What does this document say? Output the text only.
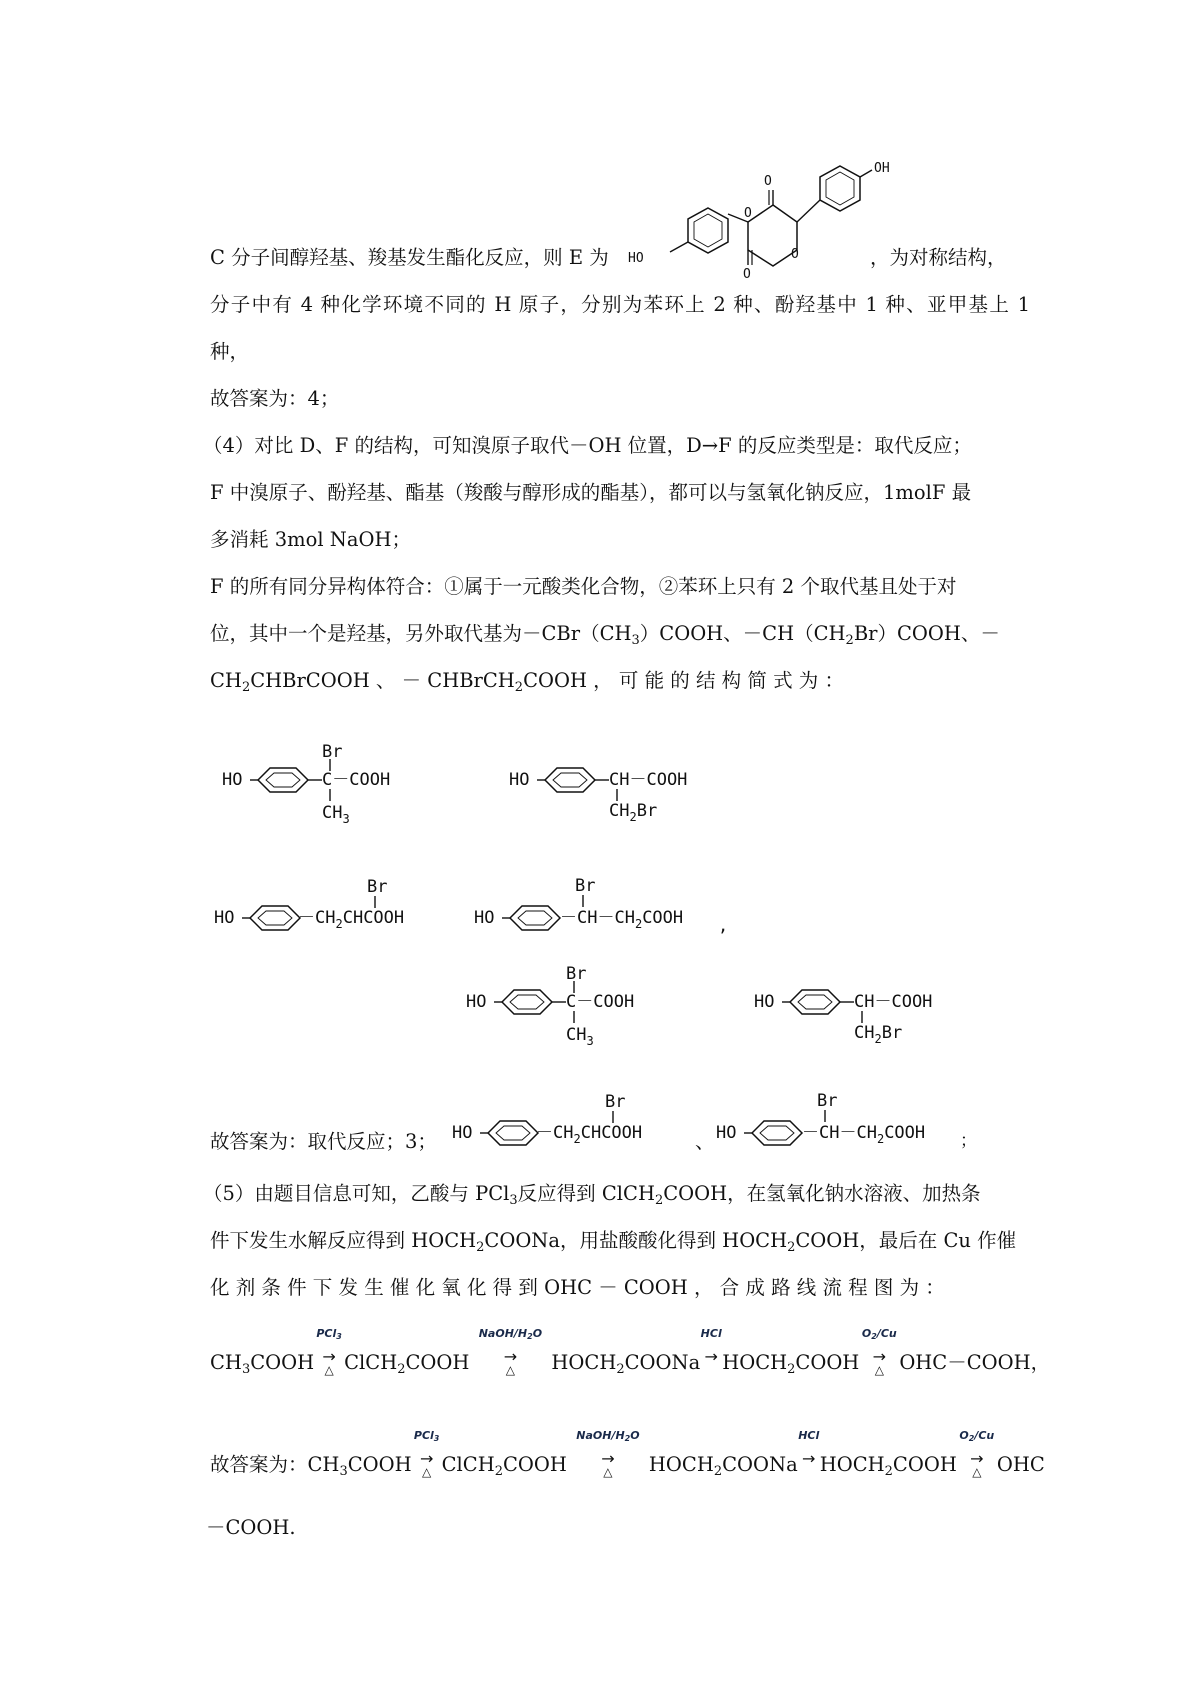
OH
O
O
O
O
HO
C 分子间醇羟基、羧基发生酯化反应，则 E 为	，为对称结构，
分子中有 4 种化学环境不同的 H 原子，分别为苯环上 2 种、酚羟基中 1 种、亚甲基上 1
种，
故答案为：4；
（4）对比 D、F 的结构，可知溴原子取代－OH 位置，D→F 的反应类型是：取代反应；
F 中溴原子、酚羟基、酯基（羧酸与醇形成的酯基），都可以与氢氧化钠反应，1molF 最
多消耗 3mol NaOH；
F 的所有同分异构体符合：①属于一元酸类化合物，②苯环上只有 2 个取代基且处于对
位，其中一个是羟基，另外取代基为$-CBr(CH_3)COOH$、$-CH(CH_2Br)COOH$、－
$CH_2CHBrCOOH$ 、 － CHBrCH$_2$COOH ， 可 能 的 结 构 简 式 为 ：
HO	C－COOH
Br
$CH_3$
HO	CH－COOH
$CH_2Br$
HO	$-CH_2CHCOOH$
Br
HO	$-CH-CH_2COOH$
Br
,
HO	C－COOH
Br
$CH_3$
HO	CH－COOH
$CH_2Br$
故答案为：取代反应；3； HO	$-CH_2CHCOOH$
Br
、 HO	$-CH-CH_2COOH$
Br
；
（5）由题目信息可知，乙酸与 PCl$_3$反应得到 ClCH$_2$COOH，在氢氧化钠水溶液、加热条
件下发生水解反应得到 $HOCH_2COONa$，用盐酸酸化得到 $HOCH_2COOH$，最后在 Cu 作催
化 剂 条 件 下 发 生 催 化 氧 化 得 到 OHC － COOH ， 合 成 路 线 流 程 图 为 ：
$CH_3COOH$
PCl$_3$
→
△ ClCH$_2$COOH
NaOH/$H_2O$
→
△	$HOCH_2COONa$
HCl
→ $HOCH_2COOH$
$O_2/Cu$
→
△ OHC－COOH，
故答案为：$CH_3COOH$
PCl$_3$
→
△ ClCH$_2$COOH
NaOH/$H_2O$
→
△	$HOCH_2COONa$
HCl
→ $HOCH_2COOH$
$O_2/Cu$
→
△ OHC
－COOH.
